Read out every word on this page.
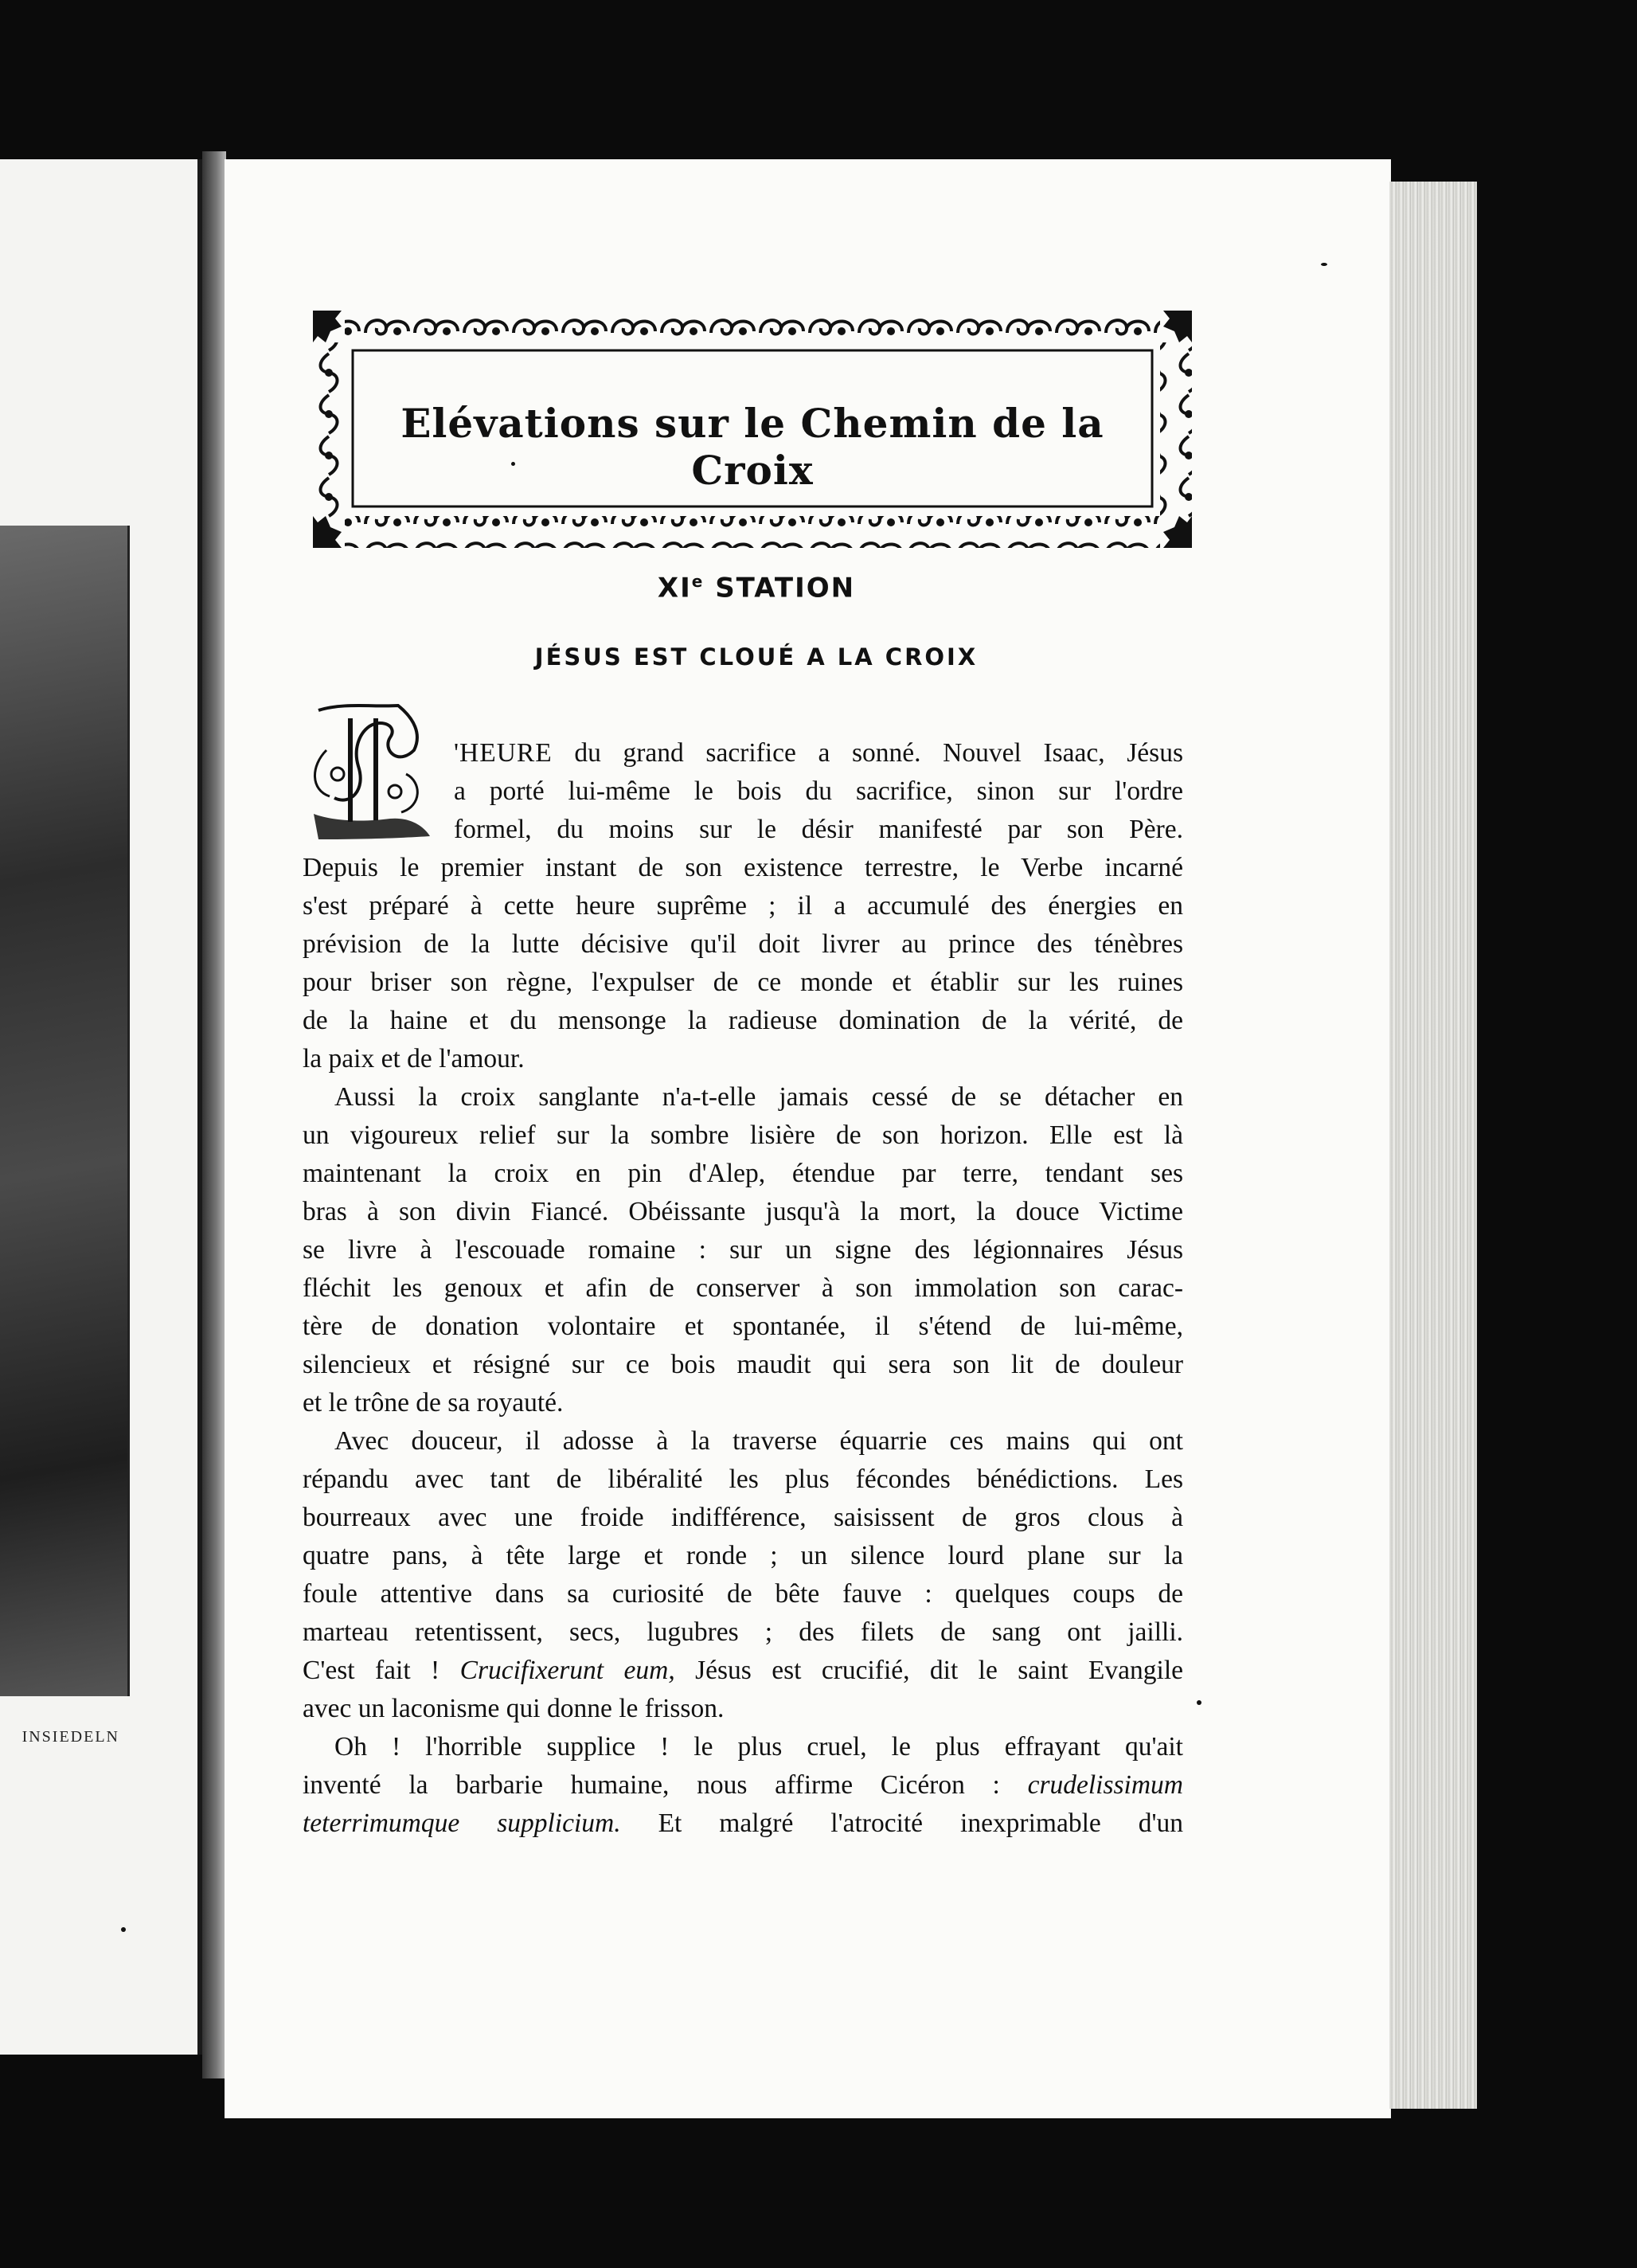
INSIEDELN
Elévations sur le Chemin de la Croix
XIe STATION
JÉSUS EST CLOUÉ A LA CROIX
'HEURE du grand sacrifice a sonné. Nouvel Isaac, Jésus
a porté lui-même le bois du sacrifice, sinon sur l'ordre
formel, du moins sur le désir manifesté par son Père.
Depuis le premier instant de son existence terrestre, le Verbe incarné
s'est préparé à cette heure suprême ; il a accumulé des énergies en
prévision de la lutte décisive qu'il doit livrer au prince des ténèbres
pour briser son règne, l'expulser de ce monde et établir sur les ruines
de la haine et du mensonge la radieuse domination de la vérité, de
la paix et de l'amour.
Aussi la croix sanglante n'a-t-elle jamais cessé de se détacher en
un vigoureux relief sur la sombre lisière de son horizon. Elle est là
maintenant la croix en pin d'Alep, étendue par terre, tendant ses
bras à son divin Fiancé. Obéissante jusqu'à la mort, la douce Victime
se livre à l'escouade romaine : sur un signe des légionnaires Jésus
fléchit les genoux et afin de conserver à son immolation son carac-
tère de donation volontaire et spontanée, il s'étend de lui-même,
silencieux et résigné sur ce bois maudit qui sera son lit de douleur
et le trône de sa royauté.
Avec douceur, il adosse à la traverse équarrie ces mains qui ont
répandu avec tant de libéralité les plus fécondes bénédictions. Les
bourreaux avec une froide indifférence, saisissent de gros clous à
quatre pans, à tête large et ronde ; un silence lourd plane sur la
foule attentive dans sa curiosité de bête fauve : quelques coups de
marteau retentissent, secs, lugubres ; des filets de sang ont jailli.
C'est fait ! Crucifixerunt eum, Jésus est crucifié, dit le saint Evangile
avec un laconisme qui donne le frisson.
Oh ! l'horrible supplice ! le plus cruel, le plus effrayant qu'ait
inventé la barbarie humaine, nous affirme Cicéron : crudelissimum
teterrimumque supplicium. Et malgré l'atrocité inexprimable d'un
